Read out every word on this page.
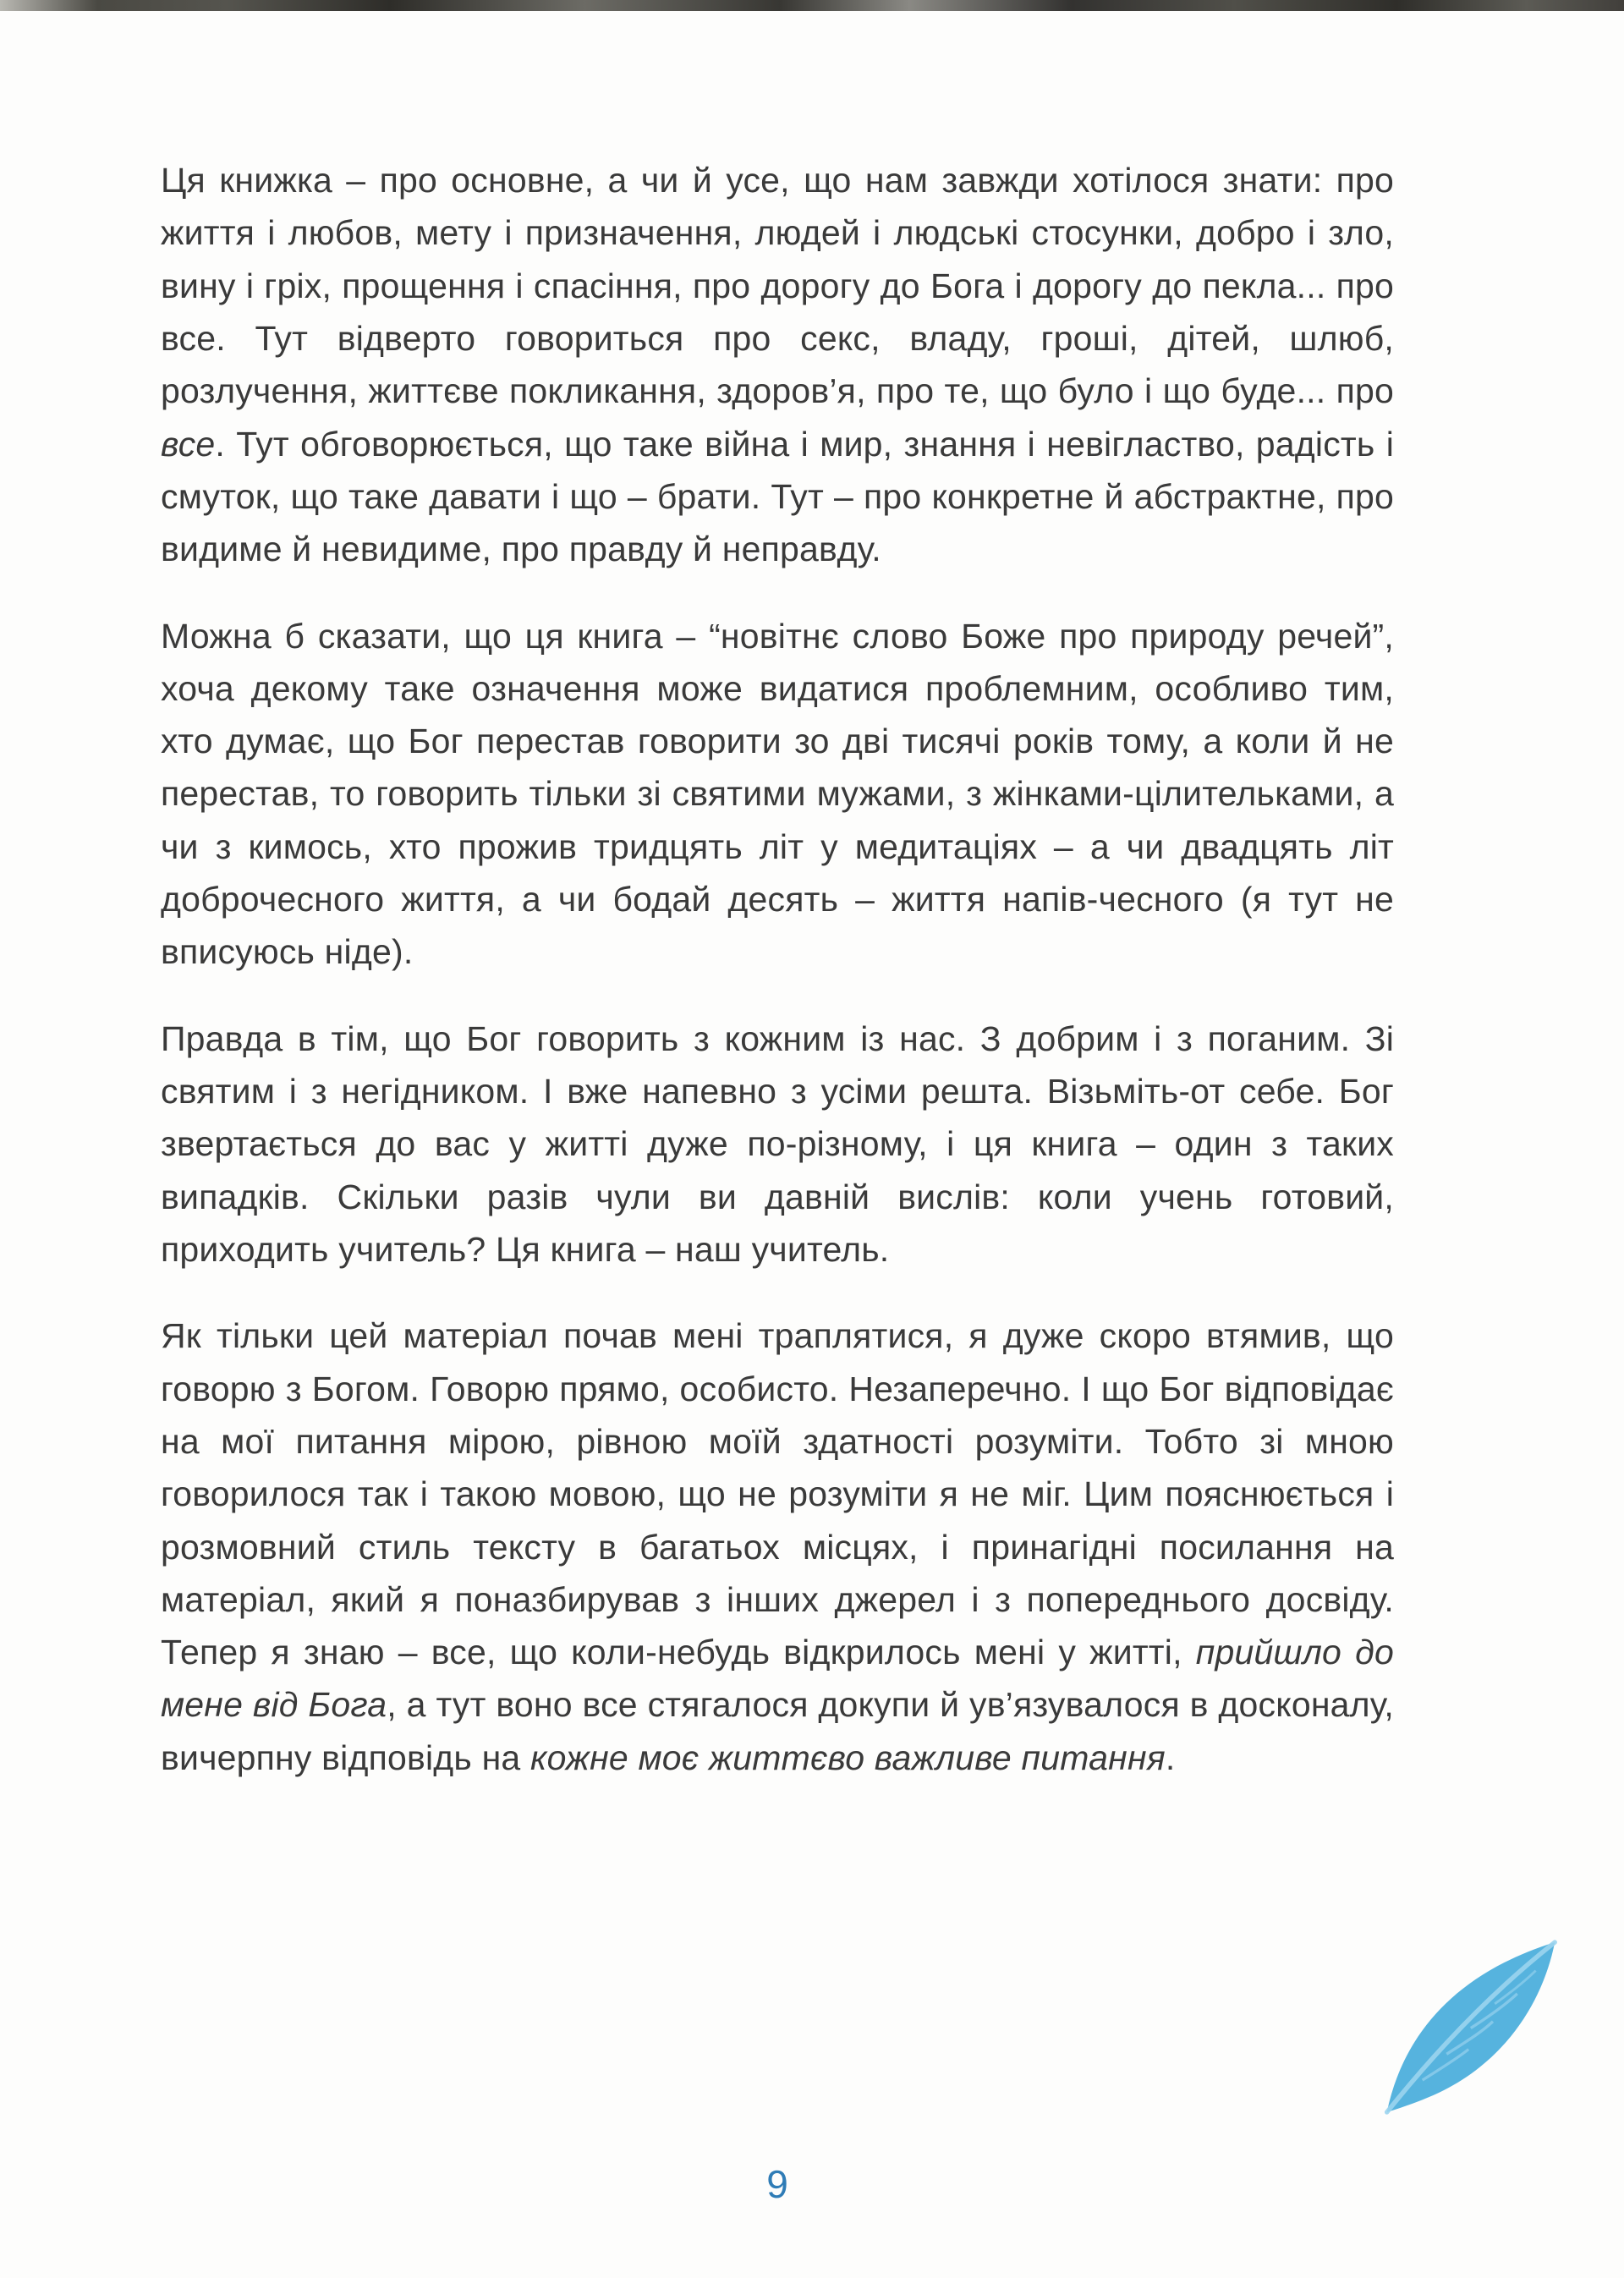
Ця книжка – про основне, а чи й усе, що нам завжди хотілося знати: про життя і любов, мету і призначення, людей і людські стосунки, добро і зло, вину і гріх, прощення і спасіння, про дорогу до Бога і дорогу до пекла... про все. Тут відверто говориться про секс, владу, гроші, дітей, шлюб, розлучення, життєве покликання, здоров’я, про те, що було і що буде... про все. Тут обговорюється, що таке війна і мир, знання і невігластво, радість і смуток, що таке давати і що – брати. Тут – про конкретне й абстрактне, про видиме й невидиме, про правду й неправду.

Можна б сказати, що ця книга – “новітнє слово Боже про природу речей”, хоча декому таке означення може видатися проблемним, особливо тим, хто думає, що Бог перестав говорити зо дві тисячі років тому, а коли й не перестав, то говорить тільки зі святими мужами, з жінками-цілительками, а чи з кимось, хто прожив тридцять літ у медитаціях – а чи двадцять літ доброчесного життя, а чи бодай десять – життя напів-чесного (я тут не вписуюсь ніде).

Правда в тім, що Бог говорить з кожним із нас. З добрим і з поганим. Зі святим і з негідником. І вже напевно з усіми решта. Візьміть-от себе. Бог звертається до вас у житті дуже по-різному, і ця книга – один з таких випадків. Скільки разів чули ви давній вислів: коли учень готовий, приходить учитель? Ця книга – наш учитель.

Як тільки цей матеріал почав мені траплятися, я дуже скоро втямив, що говорю з Богом. Говорю прямо, особисто. Незаперечно. І що Бог відповідає на мої питання мірою, рівною моїй здатності розуміти. Тобто зі мною говорилося так і такою мовою, що не розуміти я не міг. Цим пояснюється і розмовний стиль тексту в багатьох місцях, і принагідні посилання на матеріал, який я поназбирував з інших джерел і з попереднього досвіду. Тепер я знаю – все, що коли-небудь відкрилось мені у житті, прийшло до мене від Бога, а тут воно все стягалося докупи й ув’язувалося в досконалу, вичерпну відповідь на кожне моє життєво важливе питання.

9
